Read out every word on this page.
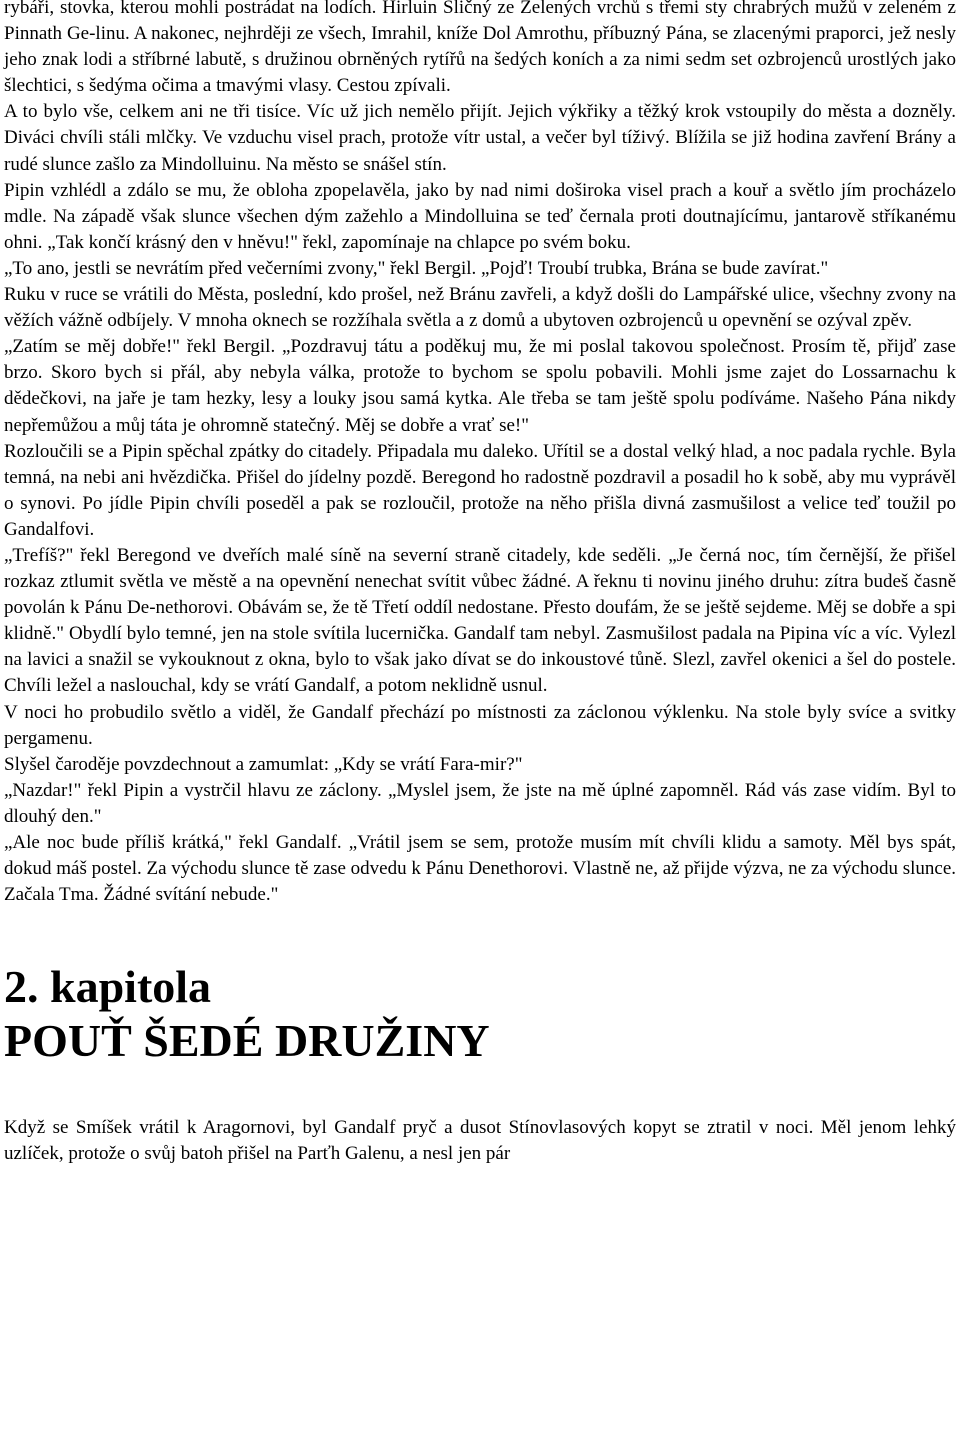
rybáři, stovka, kterou mohli postrádat na lodích. Hirluin Sličný ze Zelených vrchů s třemi sty chrabrých mužů v zeleném z Pinnath Ge-linu. A nakonec, nejhrději ze všech, Imrahil, kníže Dol Amrothu, příbuzný Pána, se zlacenými praporci, jež nesly jeho znak lodi a stříbrné labutě, s družinou obrněných rytířů na šedých koních a za nimi sedm set ozbrojenců urostlých jako šlechtici, s šedýma očima a tmavými vlasy. Cestou zpívali.

A to bylo vše, celkem ani ne tři tisíce. Víc už jich nemělo přijít. Jejich výkřiky a těžký krok vstoupily do města a dozněly. Diváci chvíli stáli mlčky. Ve vzduchu visel prach, protože vítr ustal, a večer byl tíživý. Blížila se již hodina zavření Brány a rudé slunce zašlo za Mindolluinu. Na město se snášel stín.

Pipin vzhlédl a zdálo se mu, že obloha zpopelavěla, jako by nad nimi doširoka visel prach a kouř a světlo jím procházelo mdle. Na západě však slunce všechen dým zažehlo a Mindolluina se teď černala proti doutnajícímu, jantarově stříkanému ohni. „Tak končí krásný den v hněvu!" řekl, zapomínaje na chlapce po svém boku.

„To ano, jestli se nevrátím před večerními zvony," řekl Bergil. „Pojď! Troubí trubka, Brána se bude zavírat."

Ruku v ruce se vrátili do Města, poslední, kdo prošel, než Bránu zavřeli, a když došli do Lampářské ulice, všechny zvony na věžích vážně odbíjely. V mnoha oknech se rozžíhala světla a z domů a ubytoven ozbrojenců u opevnění se ozýval zpěv.

„Zatím se měj dobře!" řekl Bergil. „Pozdravuj tátu a poděkuj mu, že mi poslal takovou společnost. Prosím tě, přijď zase brzo. Skoro bych si přál, aby nebyla válka, protože to bychom se spolu pobavili. Mohli jsme zajet do Lossarnachu k dědečkovi, na jaře je tam hezky, lesy a louky jsou samá kytka. Ale třeba se tam ještě spolu podíváme. Našeho Pána nikdy nepřemůžou a můj táta je ohromně statečný. Měj se dobře a vrať se!"

Rozloučili se a Pipin spěchal zpátky do citadely. Připadala mu daleko. Uřítil se a dostal velký hlad, a noc padala rychle. Byla temná, na nebi ani hvězdička. Přišel do jídelny pozdě. Beregond ho radostně pozdravil a posadil ho k sobě, aby mu vyprávěl o synovi. Po jídle Pipin chvíli poseděl a pak se rozloučil, protože na něho přišla divná zasmušilost a velice teď toužil po Gandalfovi.

„Trefíš?" řekl Beregond ve dveřích malé síně na severní straně citadely, kde seděli. „Je černá noc, tím černější, že přišel rozkaz ztlumit světla ve městě a na opevnění nenechat svítit vůbec žádné. A řeknu ti novinu jiného druhu: zítra budeš časně povolán k Pánu De-nethorovi. Obávám se, že tě Třetí oddíl nedostane. Přesto doufám, že se ještě sejdeme. Měj se dobře a spi klidně." Obydlí bylo temné, jen na stole svítila lucernička. Gandalf tam nebyl. Zasmušilost padala na Pipina víc a víc. Vylezl na lavici a snažil se vykouknout z okna, bylo to však jako dívat se do inkoustové tůně. Slezl, zavřel okenici a šel do postele. Chvíli ležel a naslouchal, kdy se vrátí Gandalf, a potom neklidně usnul.

V noci ho probudilo světlo a viděl, že Gandalf přechází po místnosti za záclonou výklenku. Na stole byly svíce a svitky pergamenu.

Slyšel čaroděje povzdechnout a zamumlat: „Kdy se vrátí Fara-mir?"

„Nazdar!" řekl Pipin a vystrčil hlavu ze záclony. „Myslel jsem, že jste na mě úplné zapomněl. Rád vás zase vidím. Byl to dlouhý den."

„Ale noc bude příliš krátká," řekl Gandalf. „Vrátil jsem se sem, protože musím mít chvíli klidu a samoty. Měl bys spát, dokud máš postel. Za východu slunce tě zase odvedu k Pánu Denethorovi. Vlastně ne, až přijde výzva, ne za východu slunce. Začala Tma. Žádné svítání nebude."

2. kapitola
POUŤ ŠEDÉ DRUŽINY

Když se Smíšek vrátil k Aragornovi, byl Gandalf pryč a dusot Stínovlasových kopyt se ztratil v noci. Měl jenom lehký uzlíček, protože o svůj batoh přišel na Parťh Galenu, a nesl jen pár
